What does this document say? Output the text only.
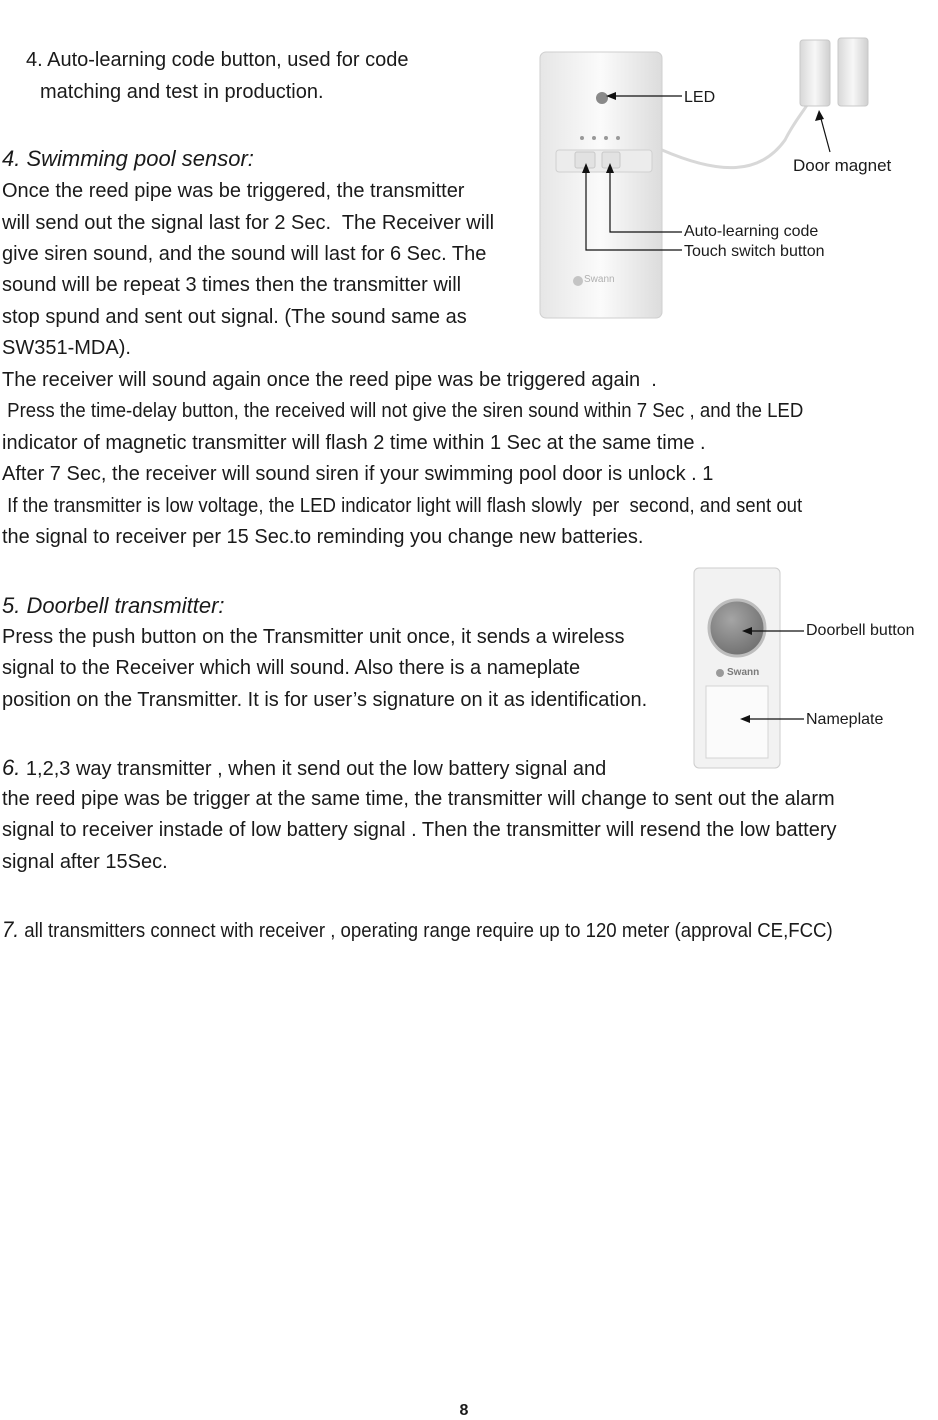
4. Auto-learning code button, used for code
matching and test in production.
4. Swimming pool sensor:
Once the reed pipe was be triggered, the transmitter
will send out the signal last for 2 Sec.  The Receiver will
give siren sound, and the sound will last for 6 Sec. The
sound will be repeat 3 times then the transmitter will
stop spund and sent out signal. (The sound same as
SW351-MDA).
The receiver will sound again once the reed pipe was be triggered again  .
Press the time-delay button, the received will not give the siren sound within 7 Sec , and the LED
indicator of magnetic transmitter will flash 2 time within 1 Sec at the same time .
After 7 Sec, the receiver will sound siren if your swimming pool door is unlock . 1
If the transmitter is low voltage, the LED indicator light will flash slowly  per  second, and sent out
the signal to receiver per 15 Sec.to reminding you change new batteries.
LED
Door magnet
Auto-learning code
Touch switch button
Swann
5. Doorbell transmitter:
Press the push button on the Transmitter unit once, it sends a wireless
signal to the Receiver which will sound. Also there is a nameplate
position on the Transmitter. It is for user’s signature on it as identification.
Doorbell button
Nameplate
Swann
6. 1,2,3 way transmitter , when it send out the low battery signal and
the reed pipe was be trigger at the same time, the transmitter will change to sent out the alarm
signal to receiver instade of low battery signal . Then the transmitter will resend the low battery
signal after 15Sec.
7. all transmitters connect with receiver , operating range require up to 120 meter (approval CE,FCC)
8
